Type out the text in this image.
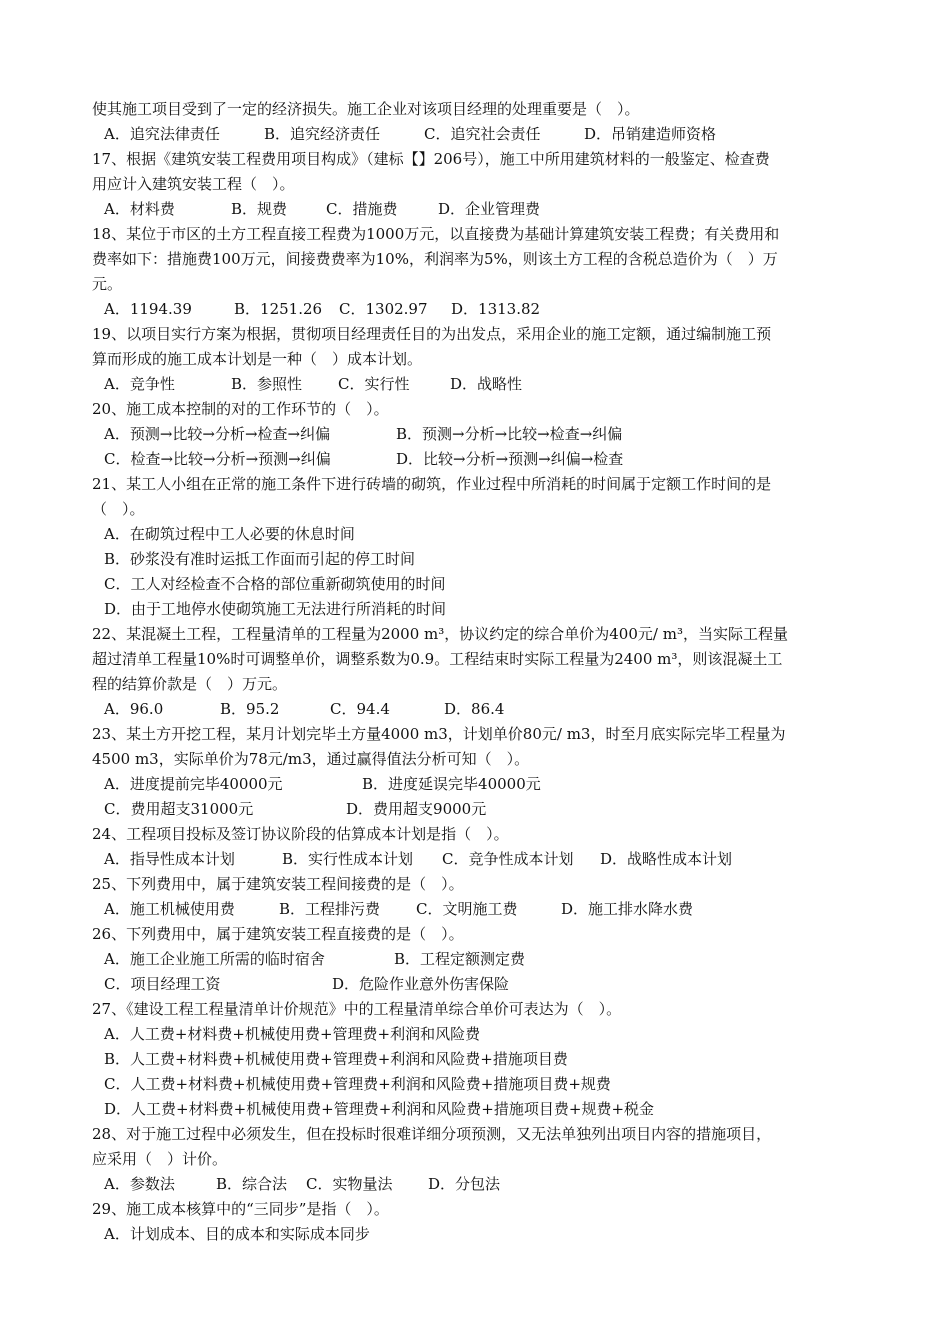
使其施工项目受到了一定的经济损失。施工企业对该项目经理的处理重要是（　）。
A．追究法律责任	B．追究经济责任	C．追究社会责任	D．吊销建造师资格
17、根据《建筑安装工程费用项目构成》（建标【】206号），施工中所用建筑材料的一般鉴定、检查费
用应计入建筑安装工程（　）。
A．材料费	B．规费	C．措施费	D．企业管理费
18、某位于市区的土方工程直接工程费为1000万元，以直接费为基础计算建筑安装工程费；有关费用和
费率如下：措施费100万元，间接费费率为10%，利润率为5%，则该土方工程的含税总造价为（　）万
元。
A．1194.39	B．1251.26 C．1302.97 D．1313.82
19、以项目实行方案为根据，贯彻项目经理责任目的为出发点，采用企业的施工定额，通过编制施工预
算而形成的施工成本计划是一种（　）成本计划。
A．竞争性	B．参照性 C．实行性	D．战略性
20、施工成本控制的对的工作环节的（　）。
A．预测→比较→分析→检查→纠偏	B．预测→分析→比较→检查→纠偏
C．检查→比较→分析→预测→纠偏	D．比较→分析→预测→纠偏→检查
21、某工人小组在正常的施工条件下进行砖墙的砌筑，作业过程中所消耗的时间属于定额工作时间的是
（　）。
A．在砌筑过程中工人必要的休息时间
B．砂浆没有准时运抵工作面而引起的停工时间
C．工人对经检查不合格的部位重新砌筑使用的时间
D．由于工地停水使砌筑施工无法进行所消耗的时间
22、某混凝土工程，工程量清单的工程量为2000 m³，协议约定的综合单价为400元/ m³，当实际工程量
超过清单工程量10%时可调整单价，调整系数为0.9。工程结束时实际工程量为2400 m³，则该混凝土工
程的结算价款是（　）万元。
A．96.0	B．95.2	C．94.4	D．86.4
23、某土方开挖工程，某月计划完毕土方量4000 m3，计划单价80元/ m3，时至月底实际完毕工程量为
4500 m3，实际单价为78元/m3，通过赢得值法分析可知（　）。
A．进度提前完毕40000元	B．进度延误完毕40000元
C．费用超支31000元	D．费用超支9000元
24、工程项目投标及签订协议阶段的估算成本计划是指（　）。
A．指导性成本计划	B．实行性成本计划 C．竞争性成本计划 D．战略性成本计划
25、下列费用中，属于建筑安装工程间接费的是（　）。
A．施工机械使用费	B．工程排污费 C．文明施工费	D．施工排水降水费
26、下列费用中，属于建筑安装工程直接费的是（　）。
A．施工企业施工所需的临时宿舍	B．工程定额测定费
C．项目经理工资	D．危险作业意外伤害保险
27、《建设工程工程量清单计价规范》中的工程量清单综合单价可表达为（　）。
A．人工费+材料费+机械使用费+管理费+利润和风险费
B．人工费+材料费+机械使用费+管理费+利润和风险费+措施项目费
C．人工费+材料费+机械使用费+管理费+利润和风险费+措施项目费+规费
D．人工费+材料费+机械使用费+管理费+利润和风险费+措施项目费+规费+税金
28、对于施工过程中必须发生，但在投标时很难详细分项预测，又无法单独列出项目内容的措施项目，
应采用（　）计价。
A．参数法	B．综合法 C．实物量法 D．分包法
29、施工成本核算中的“三同步”是指（　）。
A．计划成本、目的成本和实际成本同步
